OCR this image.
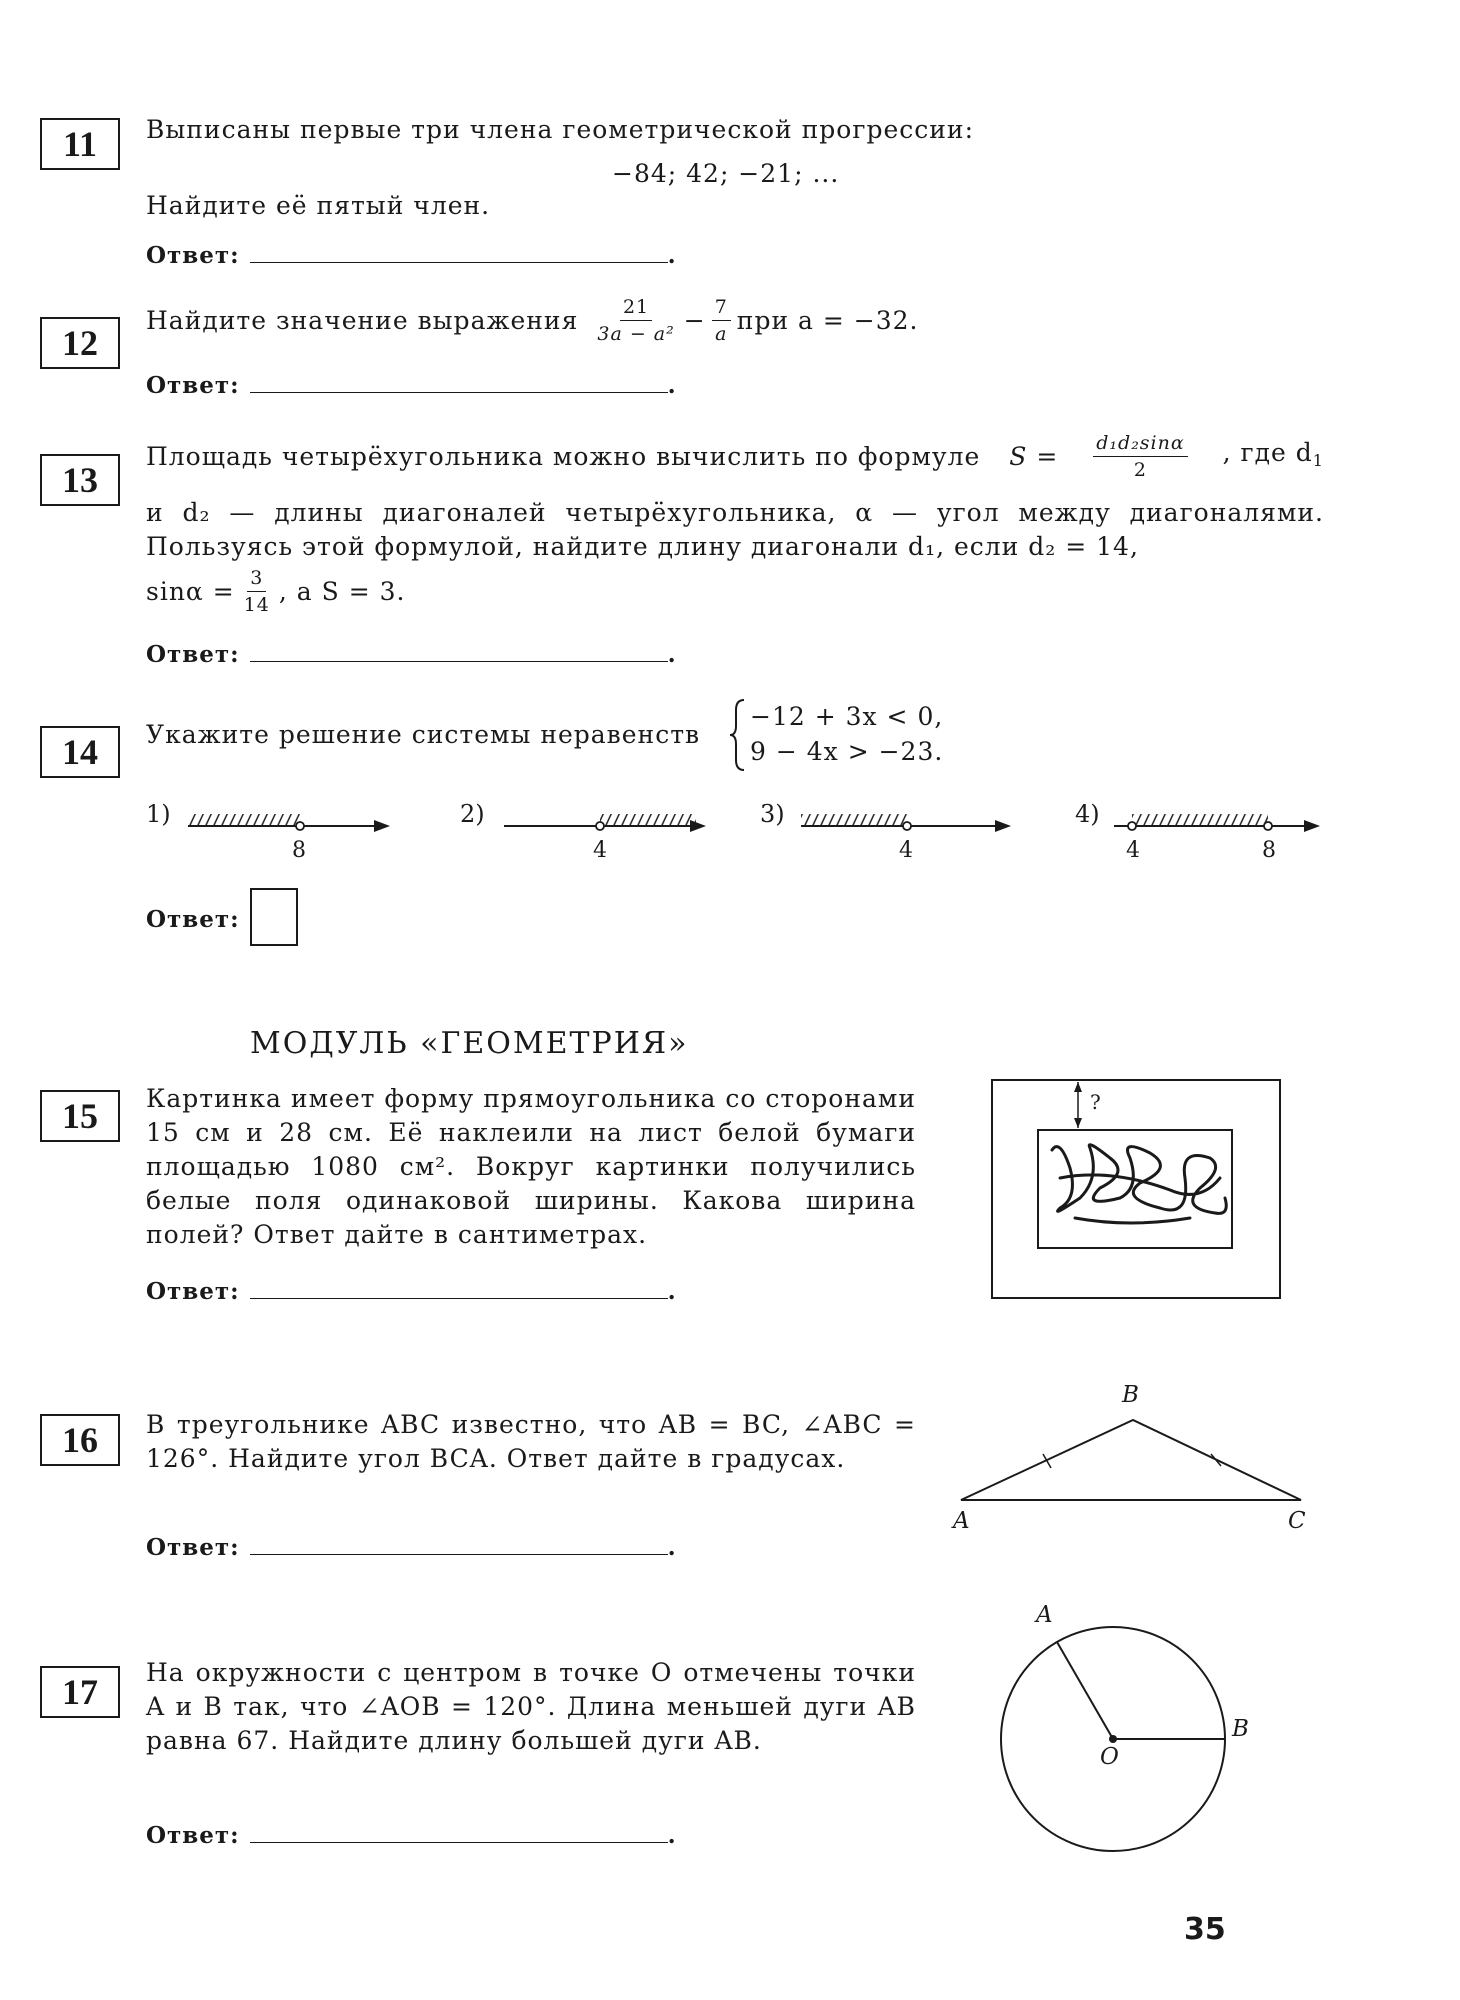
11	Выписаны первые три члена геометрической прогрессии:
−84; 42; −21; ...
Найдите её пятый член.
Ответ:	.
12
Найдите значение выражения $\frac{21}{\text{3a − a²}} - \frac{7}{a}$ при a = −32.
Ответ:	.
13
Площадь четырёхугольника можно вычислить по формуле $S = \frac{\text{d₁d₂sinα}}{2}$ , где $d_1$
и d₂ — длины диагоналей четырёхугольника, α — угол между диагоналями. Пользуясь этой формулой, найдите длину диагонали d₁, если d₂ = 14,
$\sin\alpha = \frac{3}{14}$ , а S = 3.
Ответ:	.
14	Укажите решение системы неравенств
−12 + 3x < 0,
9 − 4x > −23.
1)
8
2)
4
3)
4
4)
4	8
Ответ:
МОДУЛЬ «ГЕОМЕТРИЯ»
15	Картинка имеет форму прямоугольника со сторонами 15 см и 28 см. Её наклеили на лист белой бумаги площадью 1080 см². Вокруг картинки получились белые поля одинаковой ширины. Какова ширина полей? Ответ дайте в сантиметрах.
Ответ:	.
?
16	В треугольнике ABC известно, что AB = BC, ∠ABC = 126°. Найдите угол BCA. Ответ дайте в градусах.
Ответ:	.
A
B
C
17	На окружности с центром в точке O отмечены точки A и B так, что ∠AOB = 120°. Длина меньшей дуги AB равна 67. Найдите длину большей дуги AB.
Ответ:	.
A
B
O
35
